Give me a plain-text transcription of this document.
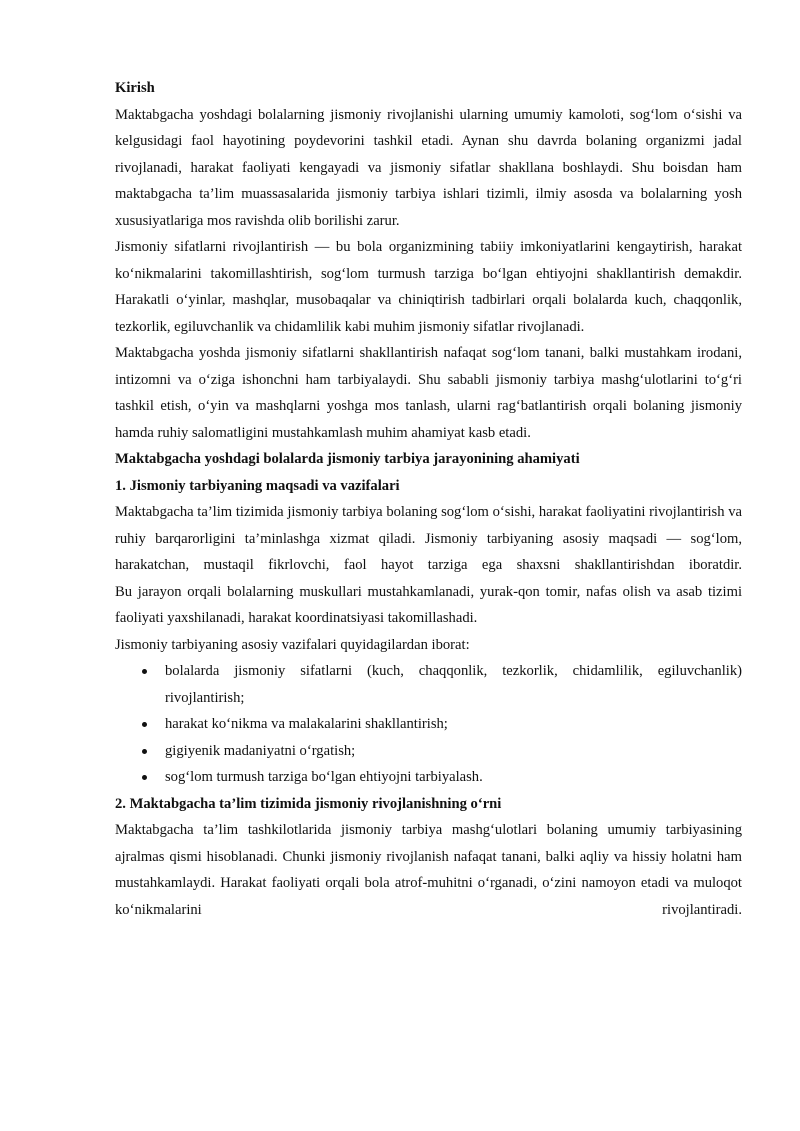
Kirish

Maktabgacha yoshdagi bolalarning jismoniy rivojlanishi ularning umumiy kamoloti, sog‘lom o‘sishi va kelgusidagi faol hayotining poydevorini tashkil etadi. Aynan shu davrda bolaning organizmi jadal rivojlanadi, harakat faoliyati kengayadi va jismoniy sifatlar shakllana boshlaydi. Shu boisdan ham maktabgacha ta’lim muassasalarida jismoniy tarbiya ishlari tizimli, ilmiy asosda va bolalarning yosh xususiyatlariga mos ravishda olib borilishi zarur.

Jismoniy sifatlarni rivojlantirish — bu bola organizmining tabiiy imkoniyatlarini kengaytirish, harakat ko‘nikmalarini takomillashtirish, sog‘lom turmush tarziga bo‘lgan ehtiyojni shakllantirish demakdir. Harakatli o‘yinlar, mashqlar, musobaqalar va chiniqtirish tadbirlari orqali bolalarda kuch, chaqqonlik, tezkorlik, egiluvchanlik va chidamlilik kabi muhim jismoniy sifatlar rivojlanadi.

Maktabgacha yoshda jismoniy sifatlarni shakllantirish nafaqat sog‘lom tanani, balki mustahkam irodani, intizomni va o‘ziga ishonchni ham tarbiyalaydi. Shu sababli jismoniy tarbiya mashg‘ulotlarini to‘g‘ri tashkil etish, o‘yin va mashqlarni yoshga mos tanlash, ularni rag‘batlantirish orqali bolaning jismoniy hamda ruhiy salomatligini mustahkamlash muhim ahamiyat kasb etadi.

Maktabgacha yoshdagi bolalarda jismoniy tarbiya jarayonining ahamiyati
1. Jismoniy tarbiyaning maqsadi va vazifalari

Maktabgacha ta’lim tizimida jismoniy tarbiya bolaning sog‘lom o‘sishi, harakat faoliyatini rivojlantirish va ruhiy barqarorligini ta’minlashga xizmat qiladi. Jismoniy tarbiyaning asosiy maqsadi — sog‘lom, harakatchan, mustaqil fikrlovchi, faol hayot tarziga ega shaxsni shakllantirishdan iboratdir.

Bu jarayon orqali bolalarning muskullari mustahkamlanadi, yurak-qon tomir, nafas olish va asab tizimi faoliyati yaxshilanadi, harakat koordinatsiyasi takomillashadi.

Jismoniy tarbiyaning asosiy vazifalari quyidagilardan iborat:

bolalarda jismoniy sifatlarni (kuch, chaqqonlik, tezkorlik, chidamlilik, egiluvchanlik) rivojlantirish;
harakat ko‘nikma va malakalarini shakllantirish;
gigiyenik madaniyatni o‘rgatish;
sog‘lom turmush tarziga bo‘lgan ehtiyojni tarbiyalash.
2. Maktabgacha ta’lim tizimida jismoniy rivojlanishning o‘rni

Maktabgacha ta’lim tashkilotlarida jismoniy tarbiya mashg‘ulotlari bolaning umumiy tarbiyasining ajralmas qismi hisoblanadi. Chunki jismoniy rivojlanish nafaqat tanani, balki aqliy va hissiy holatni ham mustahkamlaydi. Harakat faoliyati orqali bola atrof-muhitni o‘rganadi, o‘zini namoyon etadi va muloqot ko‘nikmalarini rivojlantiradi.
